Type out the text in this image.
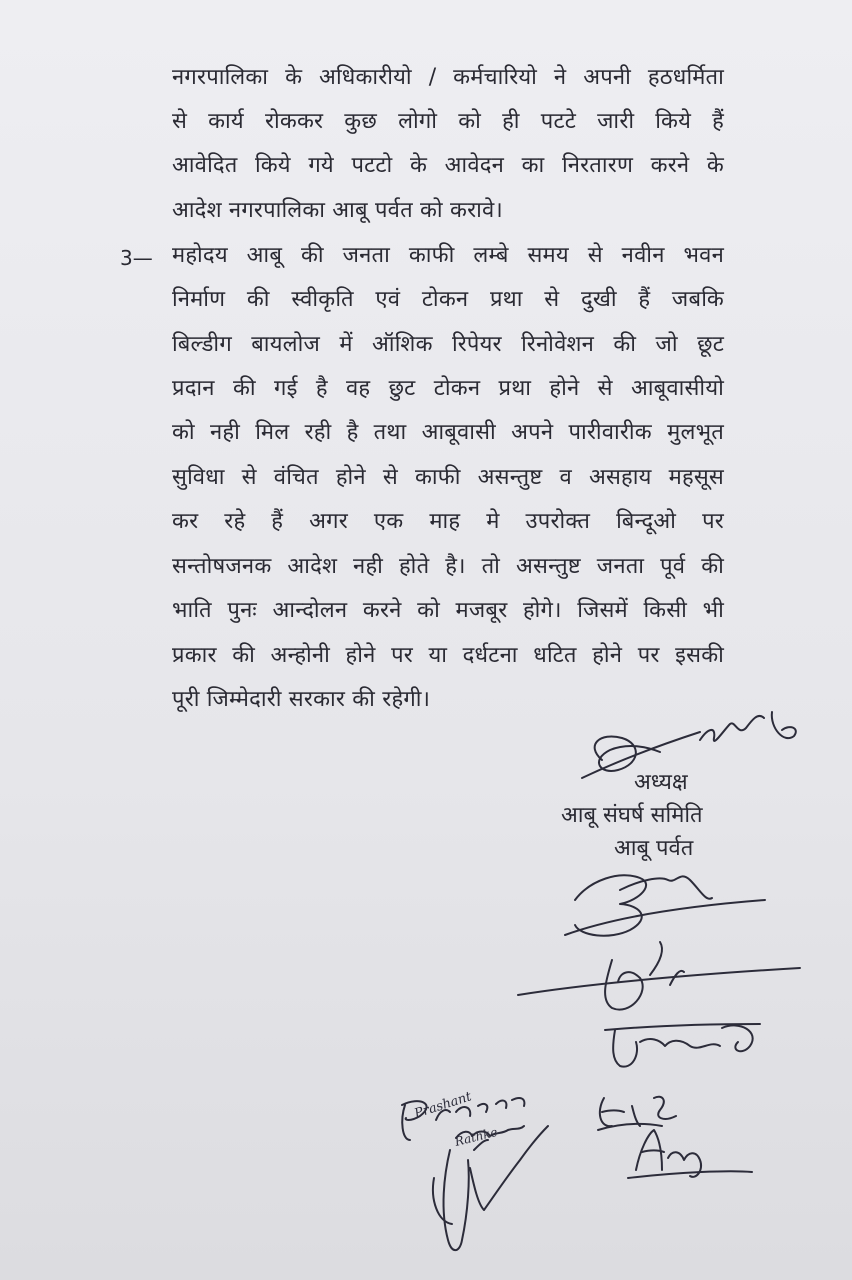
नगरपालिका के अधिकारीयो / कर्मचारियो ने अपनी हठधर्मिता
से कार्य रोककर कुछ लोगो को ही पटटे जारी किये हैं
आवेदित किये गये पटटो के आवेदन का निरतारण करने के
आदेश नगरपालिका आबू पर्वत को करावे।
3— महोदय आबू की जनता काफी लम्बे समय से नवीन भवन
निर्माण की स्वीकृति एवं टोकन प्रथा से दुखी हैं जबकि
बिल्डीग बायलोज में ऑशिक रिपेयर रिनोवेशन की जो छूट
प्रदान की गई है वह छुट टोकन प्रथा होने से आबूवासीयो
को नही मिल रही है तथा आबूवासी अपने पारीवारीक मुलभूत
सुविधा से वंचित होने से काफी असन्तुष्ट व असहाय महसूस
कर रहे हैं अगर एक माह मे उपरोक्त बिन्दूओ पर
सन्तोषजनक आदेश नही होते है। तो असन्तुष्ट जनता पूर्व की
भाति पुनः आन्दोलन करने को मजबूर होगे। जिसमें किसी भी
प्रकार की अन्होनी होने पर या दर्धटना धटित होने पर इसकी
पूरी जिम्मेदारी सरकार की रहेगी।
अध्यक्ष
आबू संघर्ष समिति
आबू पर्वत
Prashant
Rathke
